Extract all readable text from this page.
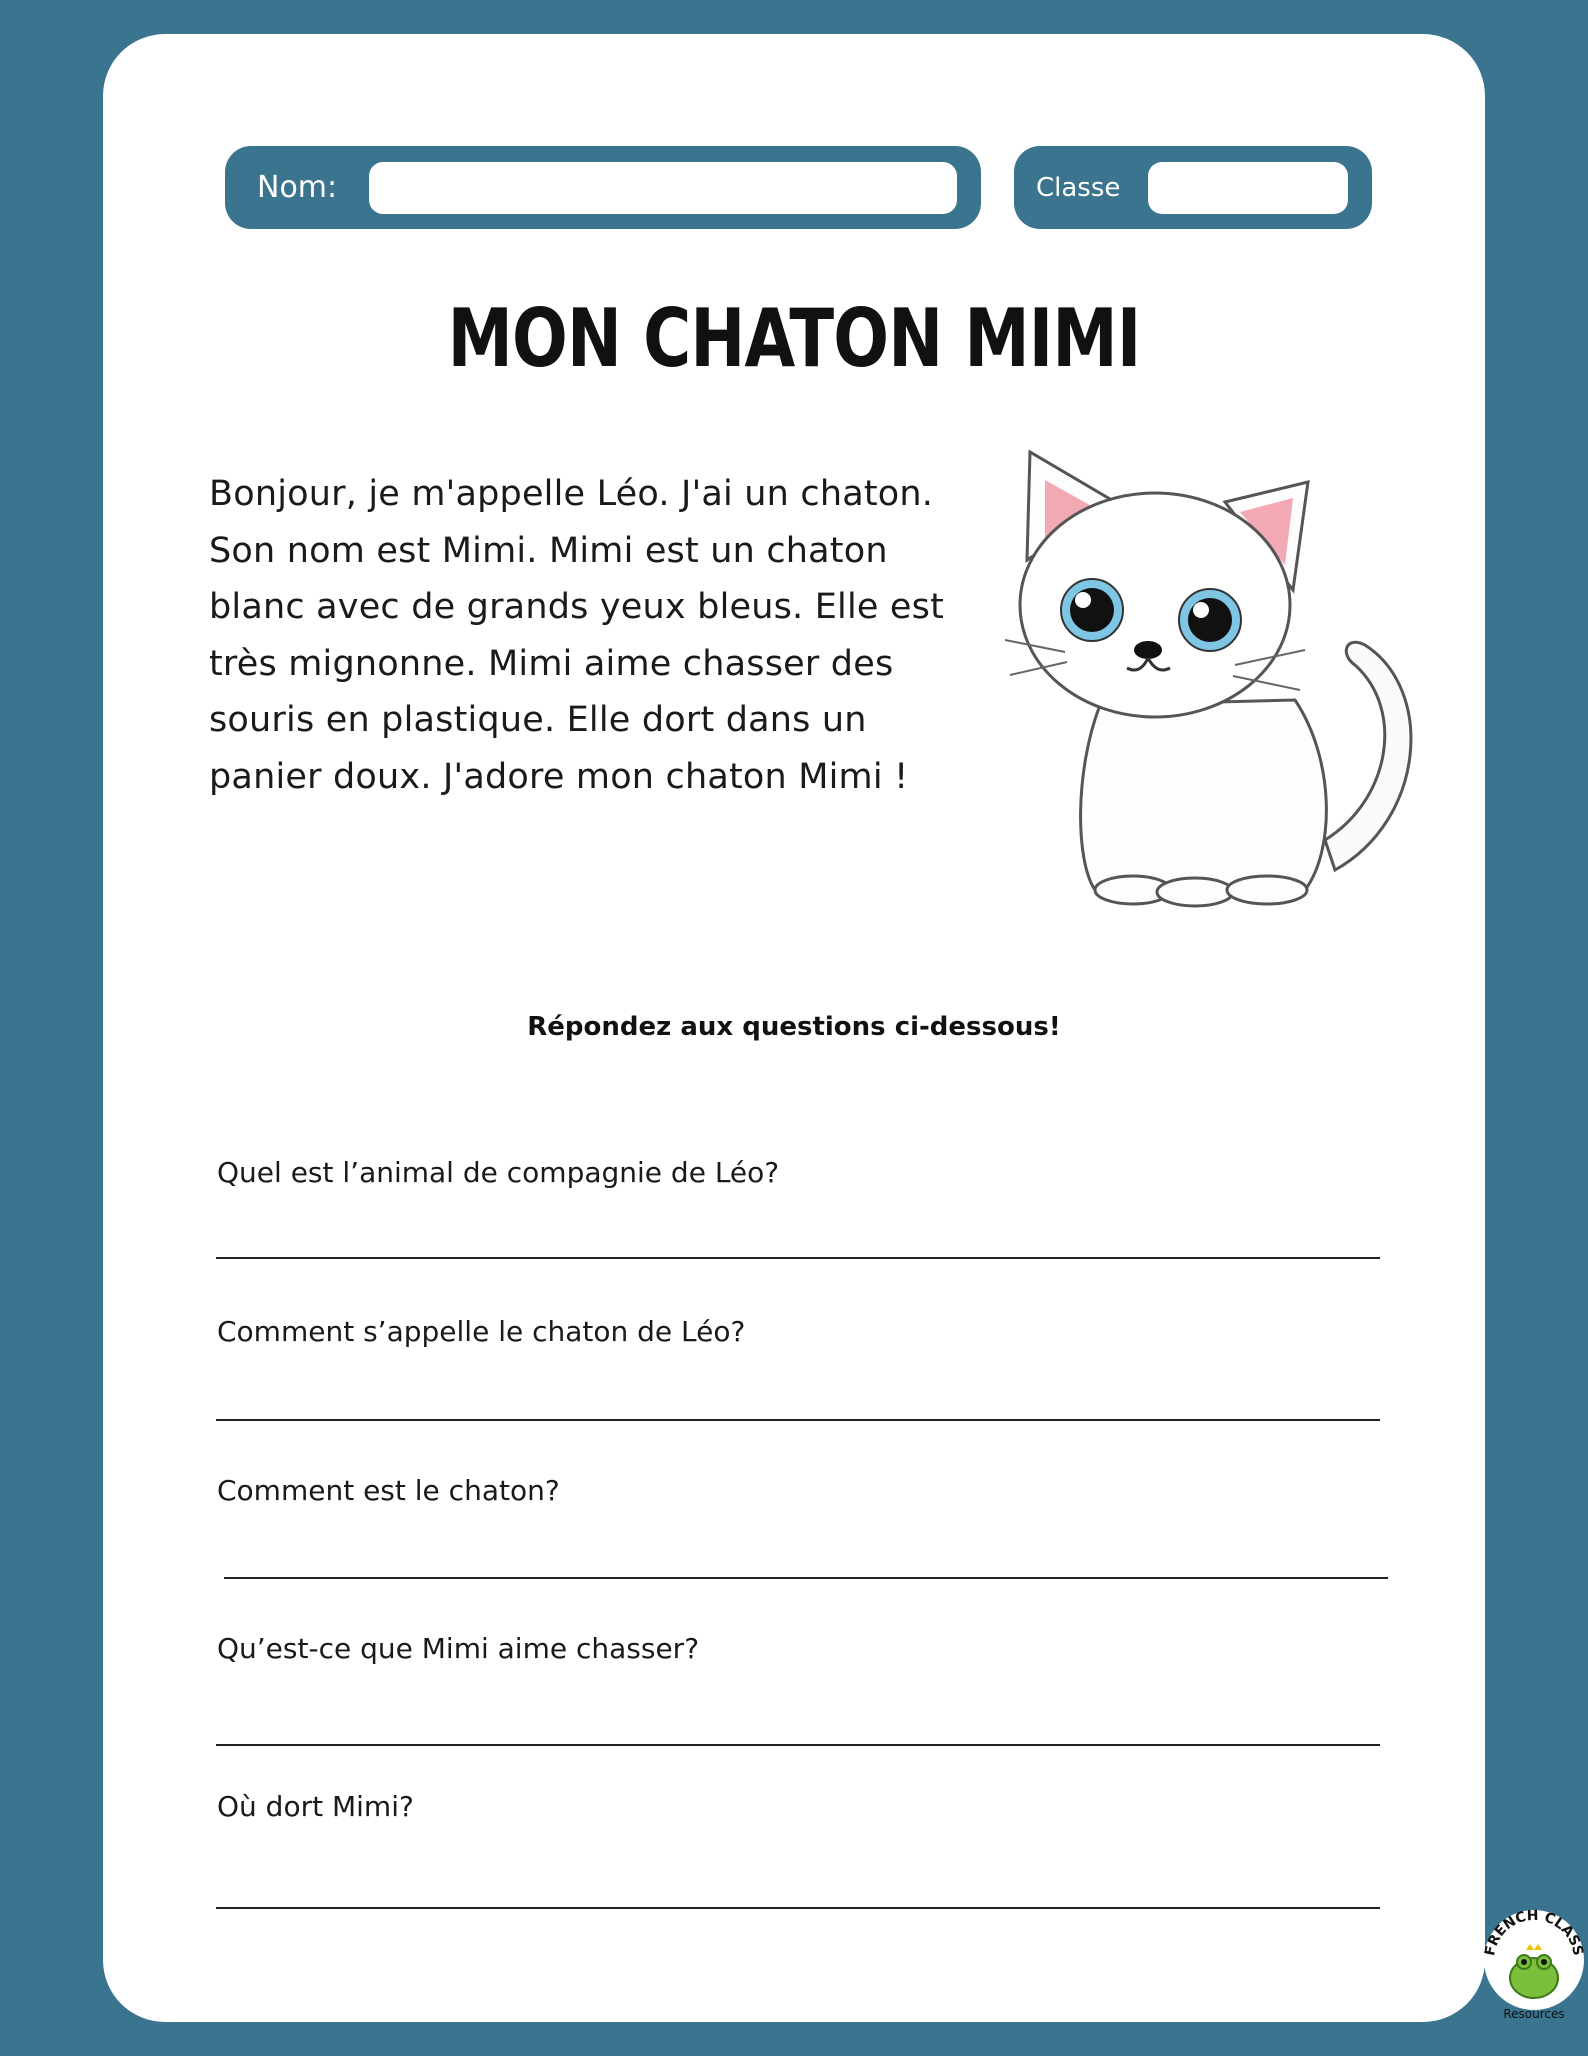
Nom:	Classe
MON CHATON MIMI
Bonjour, je m'appelle Léo. J'ai un chaton. Son nom est Mimi. Mimi est un chaton blanc avec de grands yeux bleus. Elle est très mignonne. Mimi aime chasser des souris en plastique. Elle dort dans un panier doux. J'adore mon chaton Mimi !
Répondez aux questions ci-dessous!
Quel est l’animal de compagnie de Léo?
Comment s’appelle le chaton de Léo?
Comment est le chaton?
Qu’est-ce que Mimi aime chasser?
Où dort Mimi?
FRENCH CLASS
Resources
